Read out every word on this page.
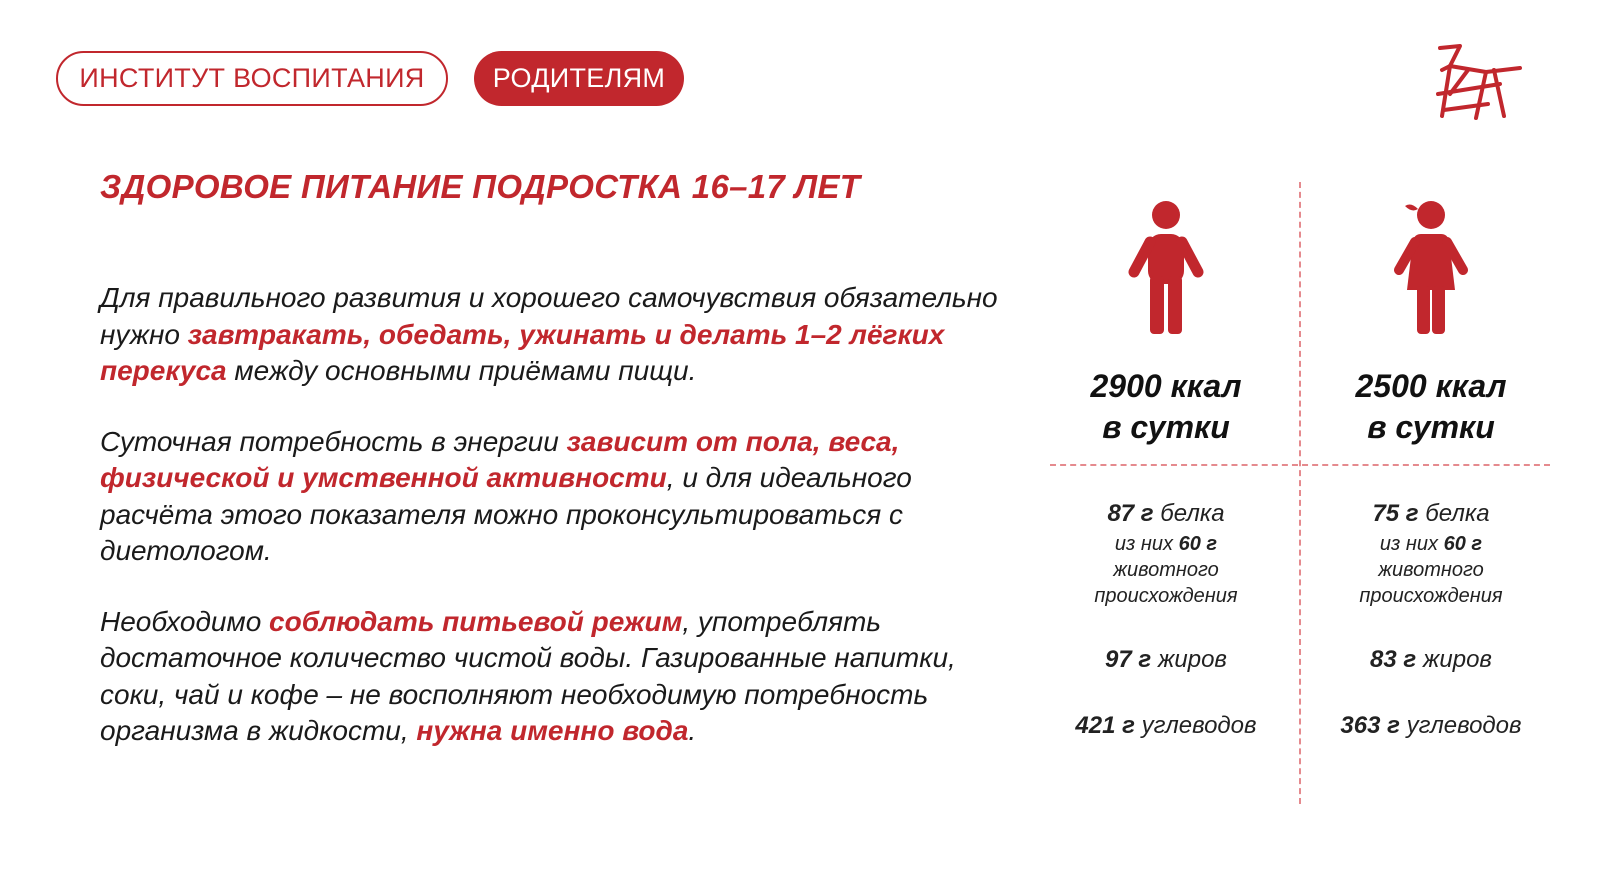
ИНСТИТУТ ВОСПИТАНИЯ	РОДИТЕЛЯМ
ЗДОРОВОЕ ПИТАНИЕ ПОДРОСТКА 16–17 ЛЕТ

Для правильного развития и хорошего самочувствия обязательно нужно завтракать, обедать, ужинать и делать 1–2 лёгких перекуса между основными приёмами пищи.

Суточная потребность в энергии зависит от пола, веса, физической и умственной активности, и для идеального расчёта этого показателя можно проконсультироваться с диетологом.

Необходимо соблюдать питьевой режим, употреблять достаточное количество чистой воды. Газированные напитки, соки, чай и кофе – не восполняют необходимую потребность организма в жидкости, нужна именно вода.

2900 ккал
в сутки
87 г белка
из них 60 г
животного
происхождения
97 г жиров
421 г углеводов
2500 ккал
в сутки
75 г белка
из них 60 г
животного
происхождения
83 г жиров
363 г углеводов
